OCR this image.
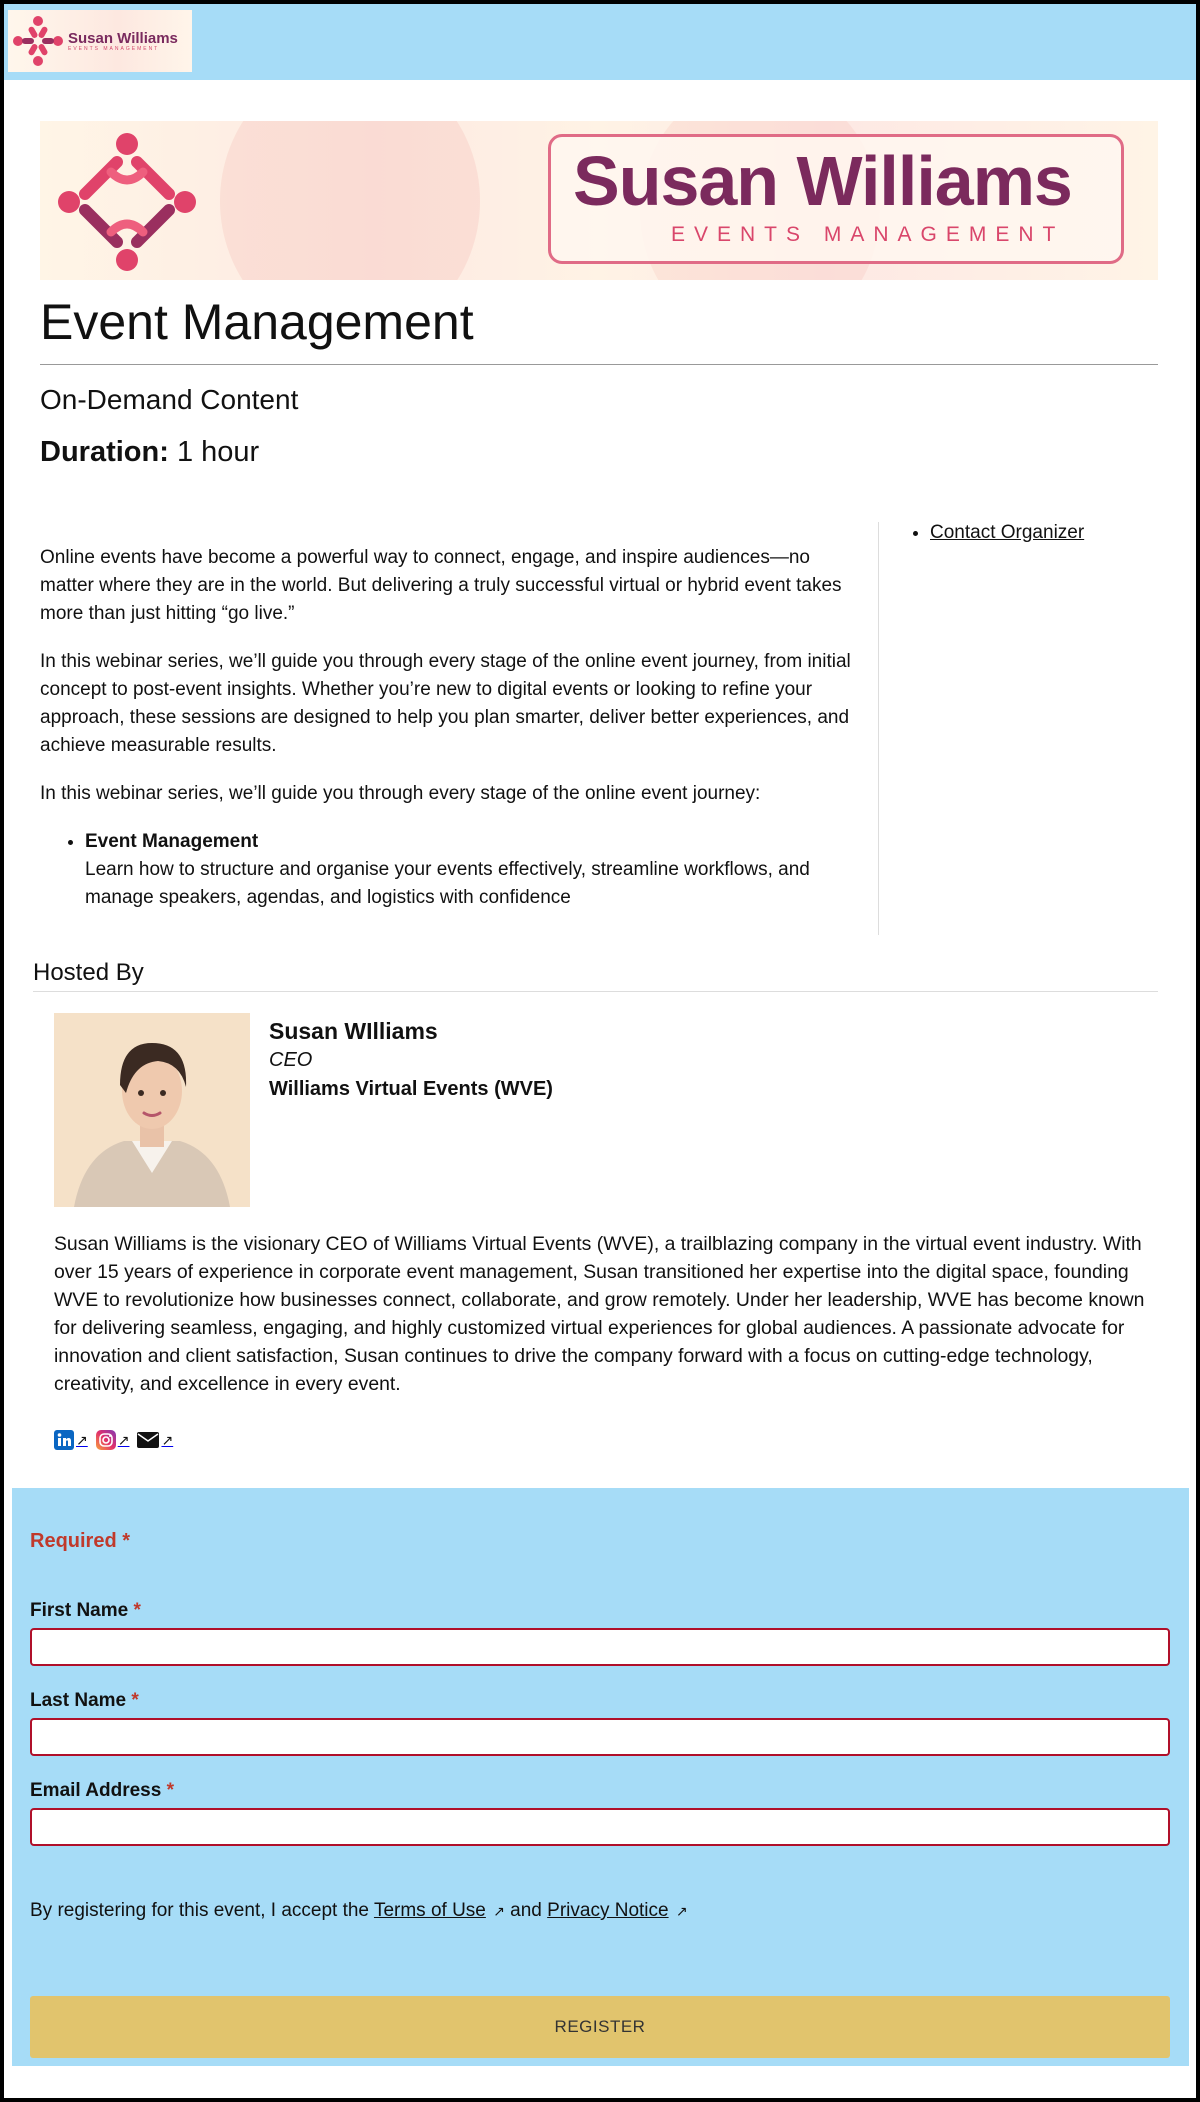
Susan Williams
EVENTS MANAGEMENT
Susan Williams
EVENTS MANAGEMENT
Event Management
On-Demand Content
Duration: 1 hour

Online events have become a powerful way to connect, engage, and inspire audiences—no matter where they are in the world. But delivering a truly successful virtual or hybrid event takes more than just hitting “go live.”

In this webinar series, we’ll guide you through every stage of the online event journey, from initial concept to post-event insights. Whether you’re new to digital events or looking to refine your approach, these sessions are designed to help you plan smarter, deliver better experiences, and achieve measurable results.

In this webinar series, we’ll guide you through every stage of the online event journey:

• Event Management
Learn how to structure and organise your events effectively, streamline workflows, and manage speakers, agendas, and logistics with confidence
• Contact Organizer
Hosted By
Susan WIlliams
CEO
Williams Virtual Events (WVE)

Susan Williams is the visionary CEO of Williams Virtual Events (WVE), a trailblazing company in the virtual event industry. With over 15 years of experience in corporate event management, Susan transitioned her expertise into the digital space, founding WVE to revolutionize how businesses connect, collaborate, and grow remotely. Under her leadership, WVE has become known for delivering seamless, engaging, and highly customized virtual experiences for global audiences. A passionate advocate for innovation and client satisfaction, Susan continues to drive the company forward with a focus on cutting-edge technology, creativity, and excellence in every event.

↗ ↗ ↗
Required *
First Name *
Last Name *
Email Address *
By registering for this event, I accept the Terms of Use ↗ and Privacy Notice ↗
REGISTER
